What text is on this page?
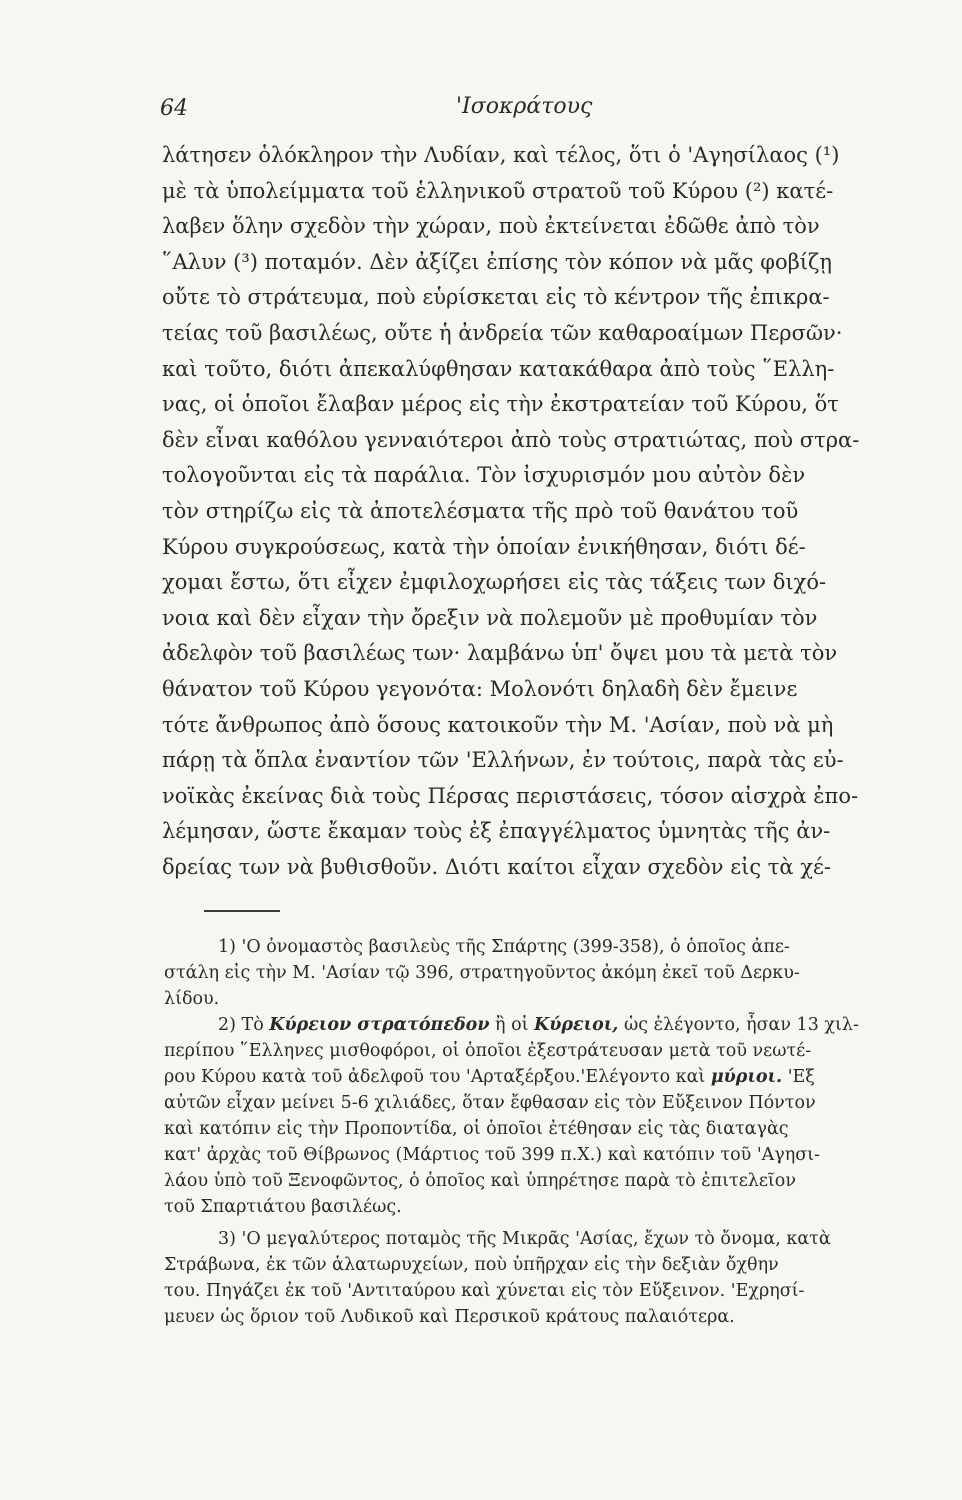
64	'Ισοκράτους
λάτησεν ὁλόκληρον τὴν Λυδίαν, καὶ τέλος, ὅτι ὁ 'Αγησίλαος (¹)
μὲ τὰ ὑπολείμματα τοῦ ἑλληνικοῦ στρατοῦ τοῦ Κύρου (²) κατέ-
λαβεν ὅλην σχεδὸν τὴν χώραν, ποὺ ἐκτείνεται ἐδῶθε ἀπὸ τὸν
῞Αλυν (³) ποταμόν. Δὲν ἀξίζει ἐπίσης τὸν κόπον νὰ μᾶς φοβίζῃ
οὔτε τὸ στράτευμα, ποὺ εὑρίσκεται εἰς τὸ κέντρον τῆς ἐπικρα-
τείας τοῦ βασιλέως, οὔτε ἡ ἀνδρεία τῶν καθαροαίμων Περσῶν·
καὶ τοῦτο, διότι ἀπεκαλύφθησαν κατακάθαρα ἀπὸ τοὺς ῞Ελλη-
νας, οἱ ὁποῖοι ἔλαβαν μέρος εἰς τὴν ἐκστρατείαν τοῦ Κύρου, ὅτ
δὲν εἶναι καθόλου γενναιότεροι ἀπὸ τοὺς στρατιώτας, ποὺ στρα-
τολογοῦνται εἰς τὰ παράλια. Τὸν ἰσχυρισμόν μου αὐτὸν δὲν
τὸν στηρίζω εἰς τὰ ἀποτελέσματα τῆς πρὸ τοῦ θανάτου τοῦ
Κύρου συγκρούσεως, κατὰ τὴν ὁποίαν ἐνικήθησαν, διότι δέ-
χομαι ἔστω, ὅτι εἶχεν ἐμφιλοχωρήσει εἰς τὰς τάξεις των διχό-
νοια καὶ δὲν εἶχαν τὴν ὄρεξιν νὰ πολεμοῦν μὲ προθυμίαν τὸν
ἀδελφὸν τοῦ βασιλέως των· λαμβάνω ὑπ' ὄψει μου τὰ μετὰ τὸν
θάνατον τοῦ Κύρου γεγονότα: Μολονότι δηλαδὴ δὲν ἔμεινε
τότε ἄνθρωπος ἀπὸ ὅσους κατοικοῦν τὴν Μ. 'Ασίαν, ποὺ νὰ μὴ
πάρῃ τὰ ὅπλα ἐναντίον τῶν 'Ελλήνων, ἐν τούτοις, παρὰ τὰς εὐ-
νοϊκὰς ἐκείνας διὰ τοὺς Πέρσας περιστάσεις, τόσον αἰσχρὰ ἐπο-
λέμησαν, ὥστε ἔκαμαν τοὺς ἐξ ἐπαγγέλματος ὑμνητὰς τῆς ἀν-
δρείας των νὰ βυθισθοῦν. Διότι καίτοι εἶχαν σχεδὸν εἰς τὰ χέ-
1) 'Ο ὀνομαστὸς βασιλεὺς τῆς Σπάρτης (399-358), ὁ ὁποῖος ἀπε-
στάλη εἰς τὴν Μ. 'Ασίαν τῷ 396, στρατηγοῦντος ἀκόμη ἐκεῖ τοῦ Δερκυ-
λίδου.
2) Τὸ Κύρειον στρατόπεδον ἢ οἱ Κύρειοι, ὡς ἐλέγοντο, ἦσαν 13 χιλ-
περίπου ῞Ελληνες μισθοφόροι, οἱ ὁποῖοι ἐξεστράτευσαν μετὰ τοῦ νεωτέ-
ρου Κύρου κατὰ τοῦ ἀδελφοῦ του 'Αρταξέρξου.'Ελέγοντο καὶ μύριοι. 'Εξ
αὐτῶν εἶχαν μείνει 5-6 χιλιάδες, ὅταν ἔφθασαν εἰς τὸν Εὔξεινον Πόντον
καὶ κατόπιν εἰς τὴν Προποντίδα, οἱ ὁποῖοι ἐτέθησαν εἰς τὰς διαταγὰς
κατ' ἀρχὰς τοῦ Θίβρωνος (Μάρτιος τοῦ 399 π.Χ.) καὶ κατόπιν τοῦ 'Αγησι-
λάου ὑπὸ τοῦ Ξενοφῶντος, ὁ ὁποῖος καὶ ὑπηρέτησε παρὰ τὸ ἐπιτελεῖον
τοῦ Σπαρτιάτου βασιλέως.
3) 'Ο μεγαλύτερος ποταμὸς τῆς Μικρᾶς 'Ασίας, ἔχων τὸ ὄνομα, κατὰ
Στράβωνα, ἐκ τῶν ἁλατωρυχείων, ποὺ ὑπῆρχαν εἰς τὴν δεξιὰν ὄχθην
του. Πηγάζει ἐκ τοῦ 'Αντιταύρου καὶ χύνεται εἰς τὸν Εὔξεινον. 'Εχρησί-
μευεν ὡς ὅριον τοῦ Λυδικοῦ καὶ Περσικοῦ κράτους παλαιότερα.
